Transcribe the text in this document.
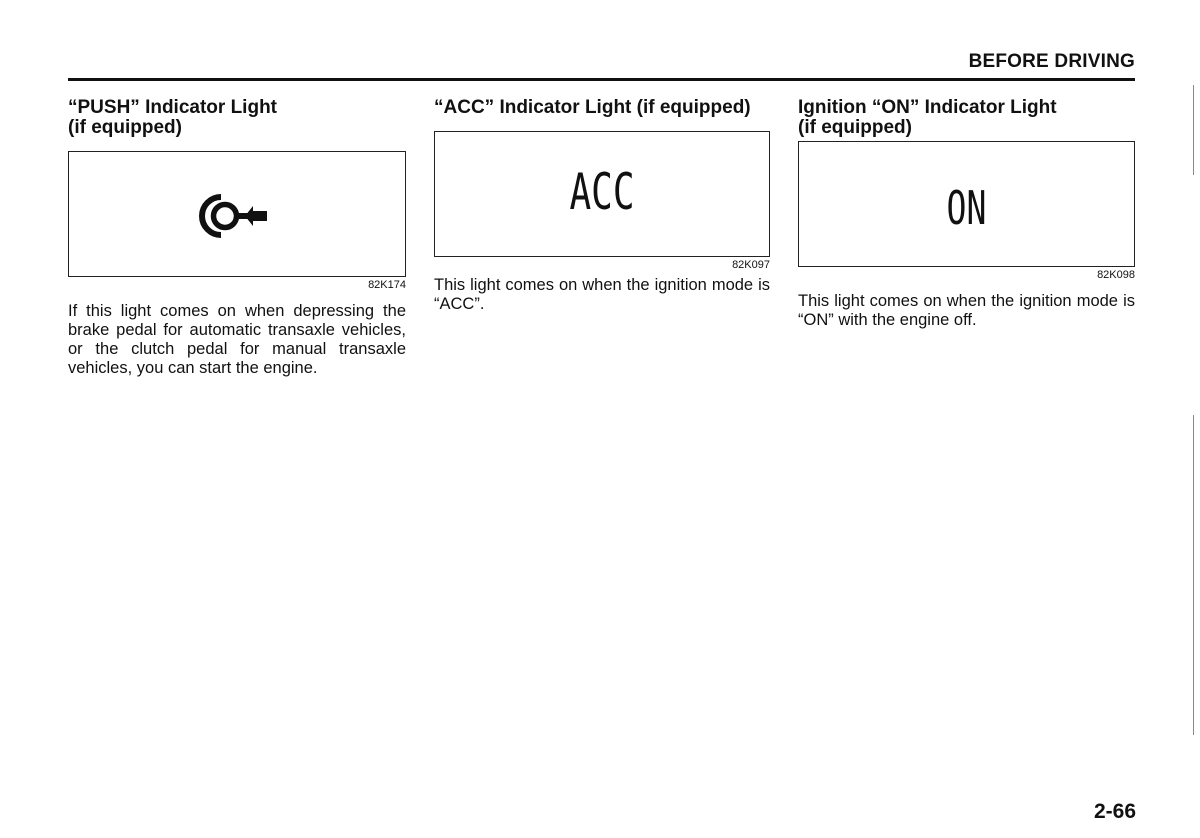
BEFORE DRIVING
“PUSH” Indicator Light
(if equipped)
82K174

If this light comes on when depressing the brake pedal for automatic transaxle vehicles, or the clutch pedal for manual transaxle vehicles, you can start the engine.

“ACC” Indicator Light (if equipped)
ACC
82K097

This light comes on when the ignition mode is “ACC”.

Ignition “ON” Indicator Light
(if equipped)
ON
82K098

This light comes on when the ignition mode is “ON” with the engine off.

2-66
